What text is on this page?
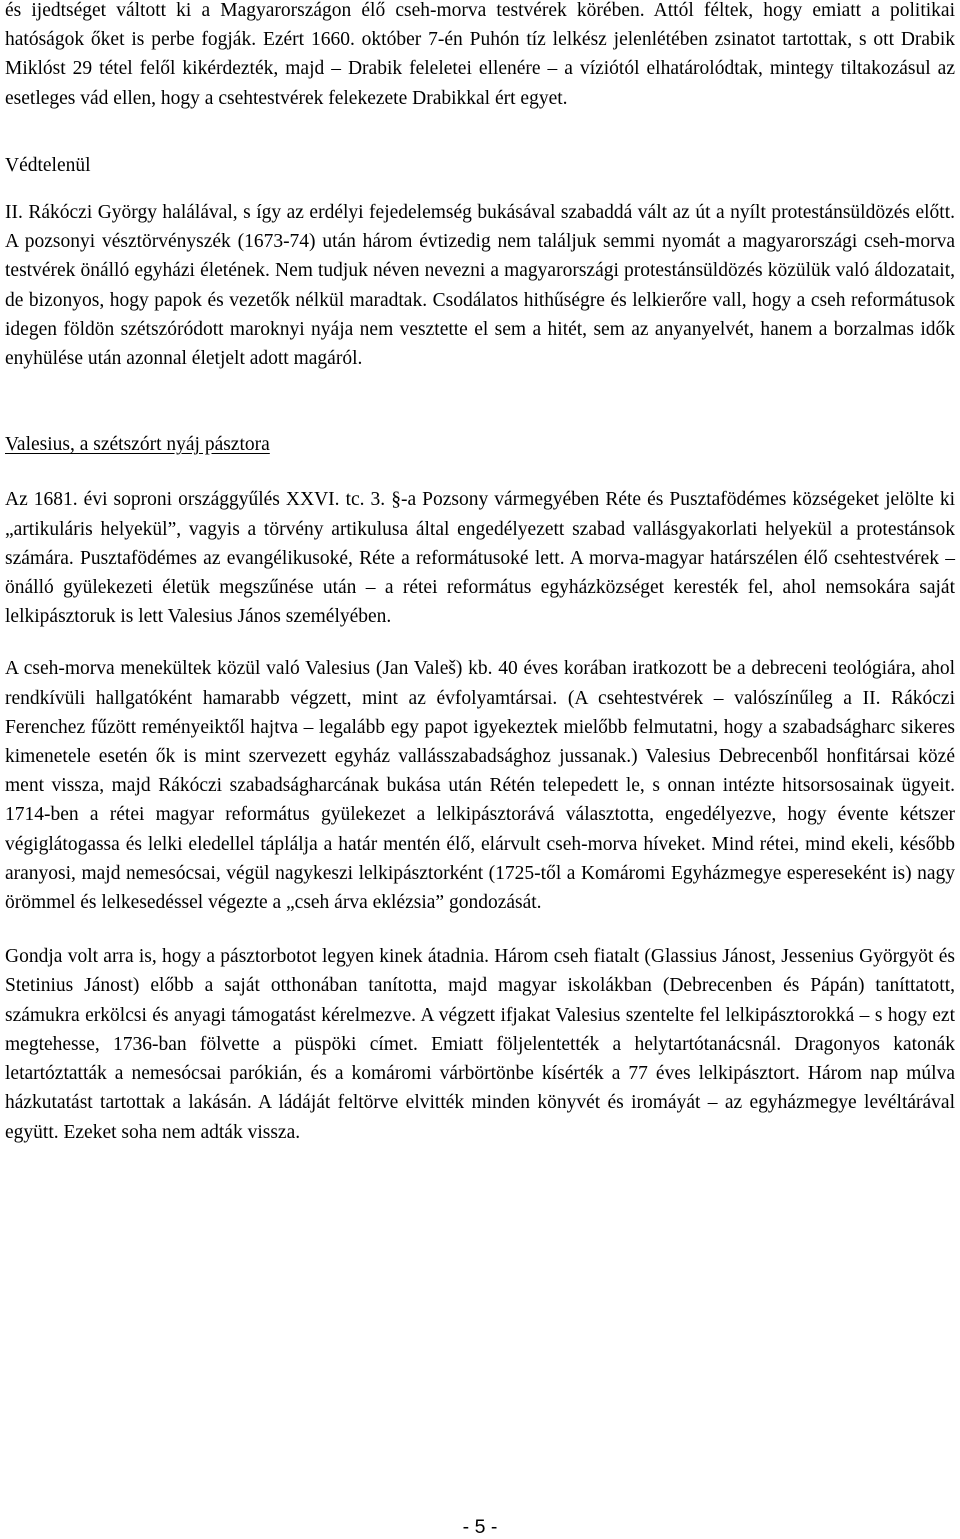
és ijedtséget váltott ki a Magyarországon élő cseh-morva testvérek körében. Attól féltek, hogy emiatt a politikai hatóságok őket is perbe fogják. Ezért 1660. október 7-én Puhón tíz lelkész jelenlétében zsinatot tartottak, s ott Drabik Miklóst 29 tétel felől kikérdezték, majd – Drabik feleletei ellenére – a víziótól elhatárolódtak, mintegy tiltakozásul az esetleges vád ellen, hogy a csehtestvérek felekezete Drabikkal ért egyet.

Védtelenül

II. Rákóczi György halálával, s így az erdélyi fejedelemség bukásával szabaddá vált az út a nyílt protestánsüldözés előtt. A pozsonyi vésztörvényszék (1673-74) után három évtizedig nem találjuk semmi nyomát a magyarországi cseh-morva testvérek önálló egyházi életének. Nem tudjuk néven nevezni a magyarországi protestánsüldözés közülük való áldozatait, de bizonyos, hogy papok és vezetők nélkül maradtak. Csodálatos hithűségre és lelkierőre vall, hogy a cseh reformátusok idegen földön szétszóródott maroknyi nyája nem vesztette el sem a hitét, sem az anyanyelvét, hanem a borzalmas idők enyhülése után azonnal életjelt adott magáról.

Valesius, a szétszórt nyáj pásztora

Az 1681. évi soproni országgyűlés XXVI. tc. 3. §-a Pozsony vármegyében Réte és Pusztafödémes községeket jelölte ki „artikuláris helyekül”, vagyis a törvény artikulusa által engedélyezett szabad vallásgyakorlati helyekül a protestánsok számára. Pusztafödémes az evangélikusoké, Réte a reformátusoké lett. A morva-magyar határszélen élő csehtestvérek – önálló gyülekezeti életük megszűnése után – a rétei református egyházközséget keresték fel, ahol nemsokára saját lelkipásztoruk is lett Valesius János személyében.

A cseh-morva menekültek közül való Valesius (Jan Valeš) kb. 40 éves korában iratkozott be a debreceni teológiára, ahol rendkívüli hallgatóként hamarabb végzett, mint az évfolyamtársai. (A csehtestvérek – valószínűleg a II. Rákóczi Ferenchez fűzött reményeiktől hajtva – legalább egy papot igyekeztek mielőbb felmutatni, hogy a szabadságharc sikeres kimenetele esetén ők is mint szervezett egyház vallásszabadsághoz jussanak.) Valesius Debrecenből honfitársai közé ment vissza, majd Rákóczi szabadságharcának bukása után Rétén telepedett le, s onnan intézte hitsorsosainak ügyeit. 1714-ben a rétei magyar református gyülekezet a lelkipásztorává választotta, engedélyezve, hogy évente kétszer végiglátogassa és lelki eledellel táplálja a határ mentén élő, elárvult cseh-morva híveket. Mind rétei, mind ekeli, később aranyosi, majd nemesócsai, végül nagykeszi lelkipásztorként (1725-től a Komáromi Egyházmegye espereseként is) nagy örömmel és lelkesedéssel végezte a „cseh árva eklézsia” gondozását.

Gondja volt arra is, hogy a pásztorbotot legyen kinek átadnia. Három cseh fiatalt (Glassius Jánost, Jessenius Györgyöt és Stetinius Jánost) előbb a saját otthonában tanította, majd magyar iskolákban (Debrecenben és Pápán) taníttatott, számukra erkölcsi és anyagi támogatást kérelmezve. A végzett ifjakat Valesius szentelte fel lelkipásztorokká – s hogy ezt megtehesse, 1736-ban fölvette a püspöki címet. Emiatt följelentették a helytartótanácsnál. Dragonyos katonák letartóztatták a nemesócsai parókián, és a komáromi várbörtönbe kísérték a 77 éves lelkipásztort. Három nap múlva házkutatást tartottak a lakásán. A ládáját feltörve elvitték minden könyvét és iromáyát – az egyházmegye levéltárával együtt. Ezeket soha nem adták vissza.

- 5 -
